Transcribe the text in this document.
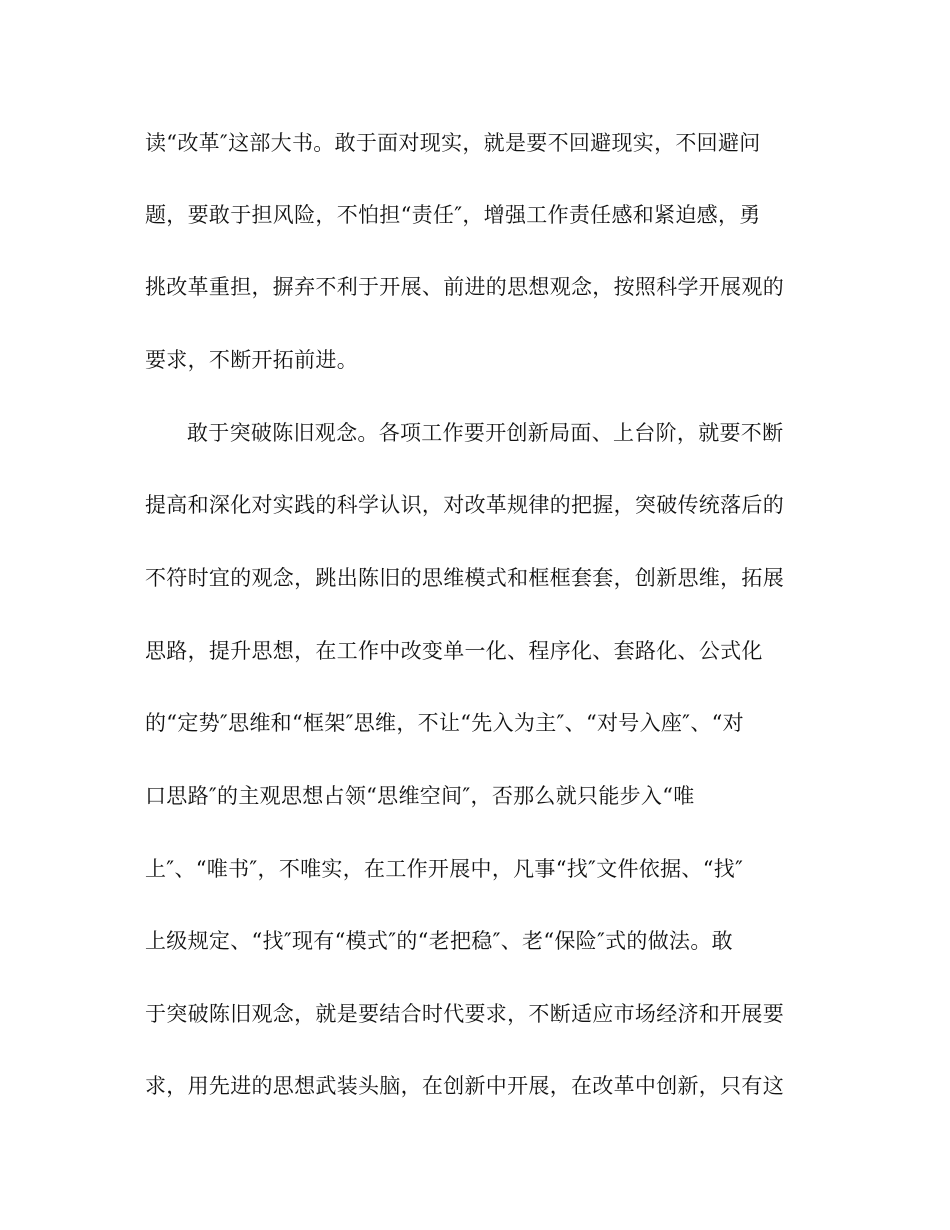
读“改革″这部大书。敢于面对现实，就是要不回避现实，不回避问
题，要敢于担风险，不怕担“责任″，增强工作责任感和紧迫感，勇
挑改革重担，摒弃不利于开展、前进的思想观念，按照科学开展观的
要求，不断开拓前进。
敢于突破陈旧观念。各项工作要开创新局面、上台阶，就要不断
提高和深化对实践的科学认识，对改革规律的把握，突破传统落后的
不符时宜的观念，跳出陈旧的思维模式和框框套套，创新思维，拓展
思路，提升思想，在工作中改变单一化、程序化、套路化、公式化
的“定势″思维和“框架″思维，不让“先入为主″、“对号入座″、“对
口思路″的主观思想占领“思维空间″，否那么就只能步入“唯
上″、“唯书″，不唯实，在工作开展中，凡事“找″文件依据、“找″
上级规定、“找″现有“模式″的“老把稳″、老“保险″式的做法。敢
于突破陈旧观念，就是要结合时代要求，不断适应市场经济和开展要
求，用先进的思想武装头脑，在创新中开展，在改革中创新，只有这
